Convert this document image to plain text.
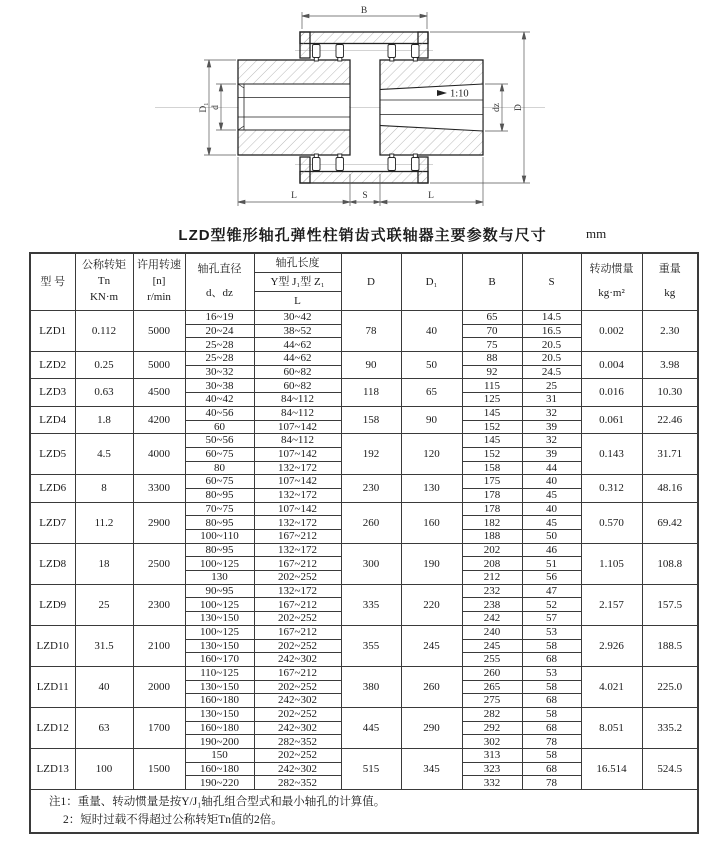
B
D₁ d	dz D
L	S	L
1:10
LZD型锥形轴孔弹性柱销齿式联轴器主要参数与尺寸	mm
型 号	
公称转矩
Tn
KN·m

许用转速
[n]
r/min

轴孔直径
d、dz
	轴孔长度	D	D₁	B	S	
转动惯量
kg·m²

重量
kg

				Y型 J₁型 Z₁						
				L						
LZD1	0.112	5000	16~19	30~42	78	40	65	14.5	0.002	2.30
			20~24	38~52			70	16.5		
			25~28	44~62			75	20.5		
LZD2	0.25	5000	25~28	44~62	90	50	88	20.5	0.004	3.98
			30~32	60~82			92	24.5		
LZD3	0.63	4500	30~38	60~82	118	65	115	25	0.016	10.30
			40~42	84~112			125	31		
LZD4	1.8	4200	40~56	84~112	158	90	145	32	0.061	22.46
			60	107~142			152	39		
LZD5	4.5	4000	50~56	84~112	192	120	145	32	0.143	31.71
			60~75	107~142			152	39		
			80	132~172			158	44		
LZD6	8	3300	60~75	107~142	230	130	175	40	0.312	48.16
			80~95	132~172			178	45		
LZD7	11.2	2900	70~75	107~142	260	160	178	40	0.570	69.42
			80~95	132~172			182	45		
			100~110	167~212			188	50		
LZD8	18	2500	80~95	132~172	300	190	202	46	1.105	108.8
			100~125	167~212			208	51		
			130	202~252			212	56		
LZD9	25	2300	90~95	132~172	335	220	232	47	2.157	157.5
			100~125	167~212			238	52		
			130~150	202~252			242	57		
LZD10	31.5	2100	100~125	167~212	355	245	240	53	2.926	188.5
			130~150	202~252			245	58		
			160~170	242~302			255	68		
LZD11	40	2000	110~125	167~212	380	260	260	53	4.021	225.0
			130~150	202~252			265	58		
			160~180	242~302			275	68		
LZD12	63	1700	130~150	202~252	445	290	282	58	8.051	335.2
			160~180	242~302			292	68		
			190~200	282~352			302	78		
LZD13	100	1500	150	202~252	515	345	313	58	16.514	524.5
			160~180	242~302			323	68		
			190~220	282~352			332	78		

注1：重量、转动惯量是按Y/J₁轴孔组合型式和最小轴孔的计算值。
2：短时过载不得超过公称转矩Tn值的2倍。										
